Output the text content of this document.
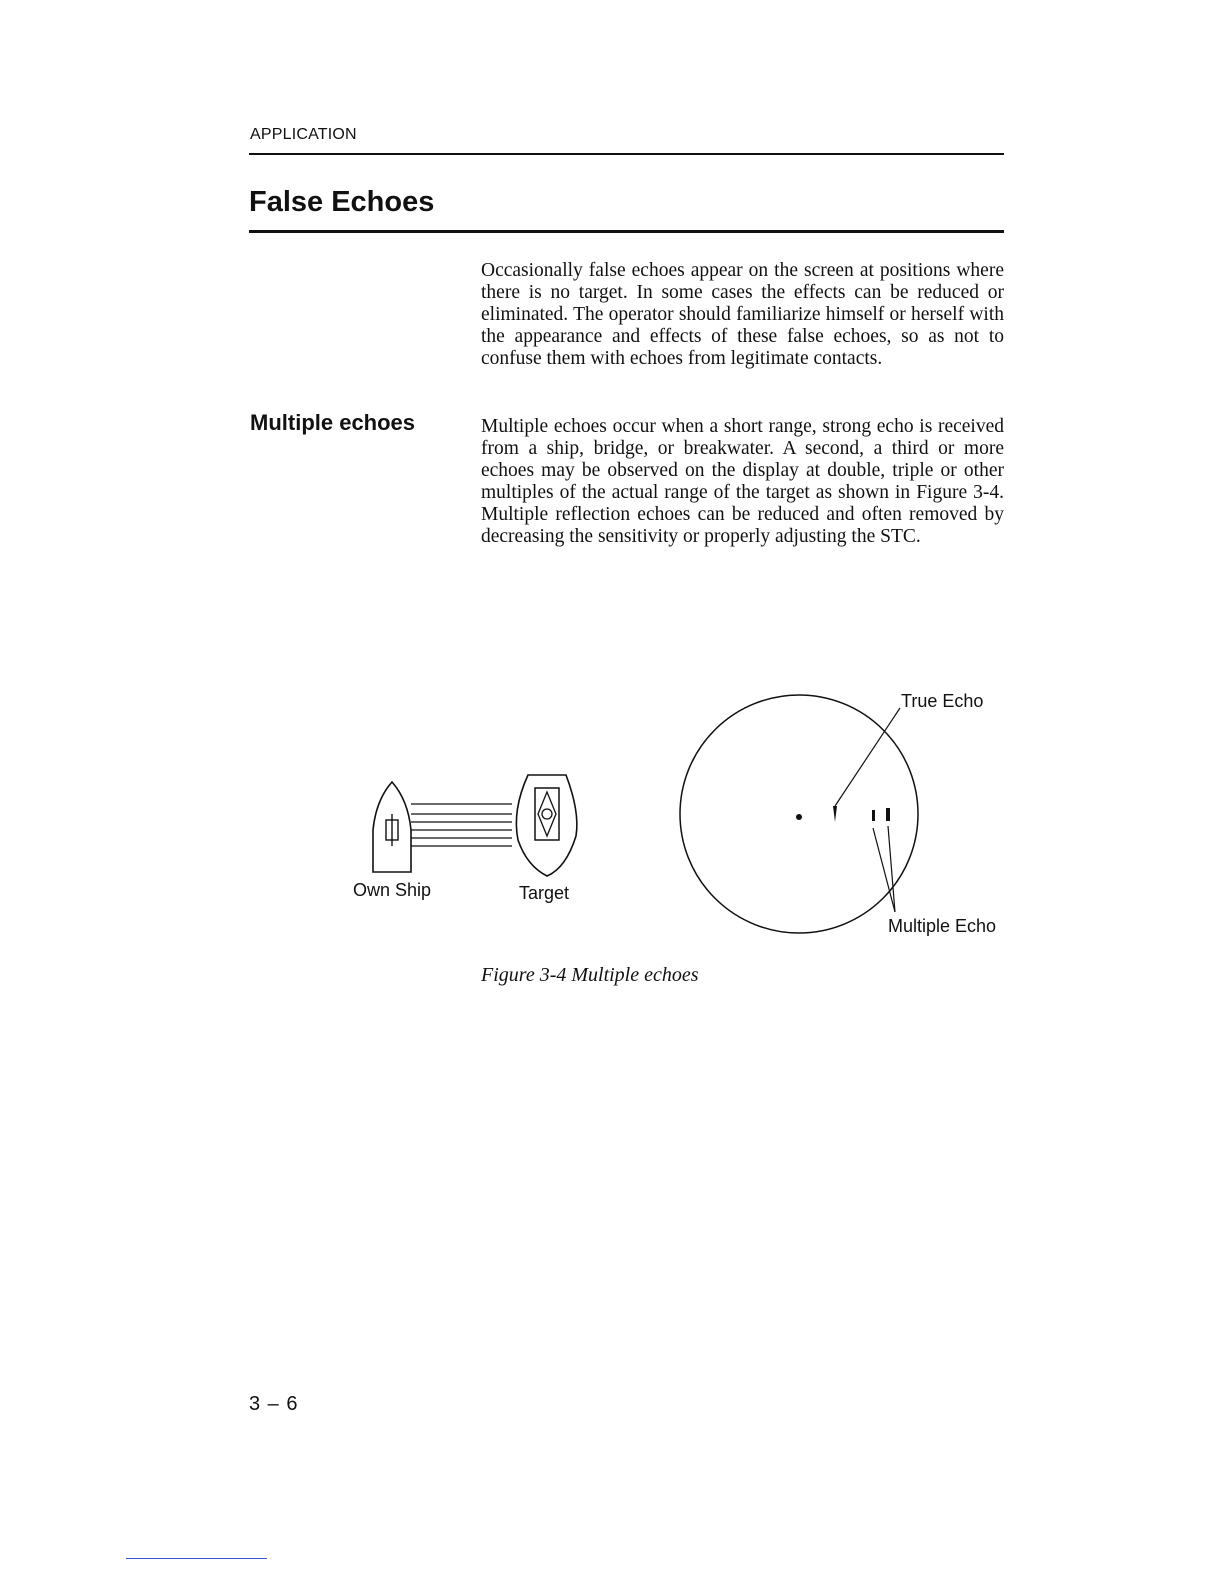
APPLICATION
False Echoes

Occasionally false echoes appear on the screen at positions where there is no target. In some cases the effects can be reduced or eliminated. The operator should familiarize himself or herself with the appearance and effects of these false echoes, so as not to confuse them with echoes from legitimate contacts.

Multiple echoes	Multiple echoes occur when a short range, strong echo is received from a ship, bridge, or breakwater. A second, a third or more echoes may be observed on the display at double, triple or other multiples of the actual range of the target as shown in Figure 3-4. Multiple reflection echoes can be reduced and often removed by decreasing the sensitivity or properly adjusting the STC.

Own Ship	Target
True Echo
Multiple Echo
Figure 3-4 Multiple echoes
3 – 6
